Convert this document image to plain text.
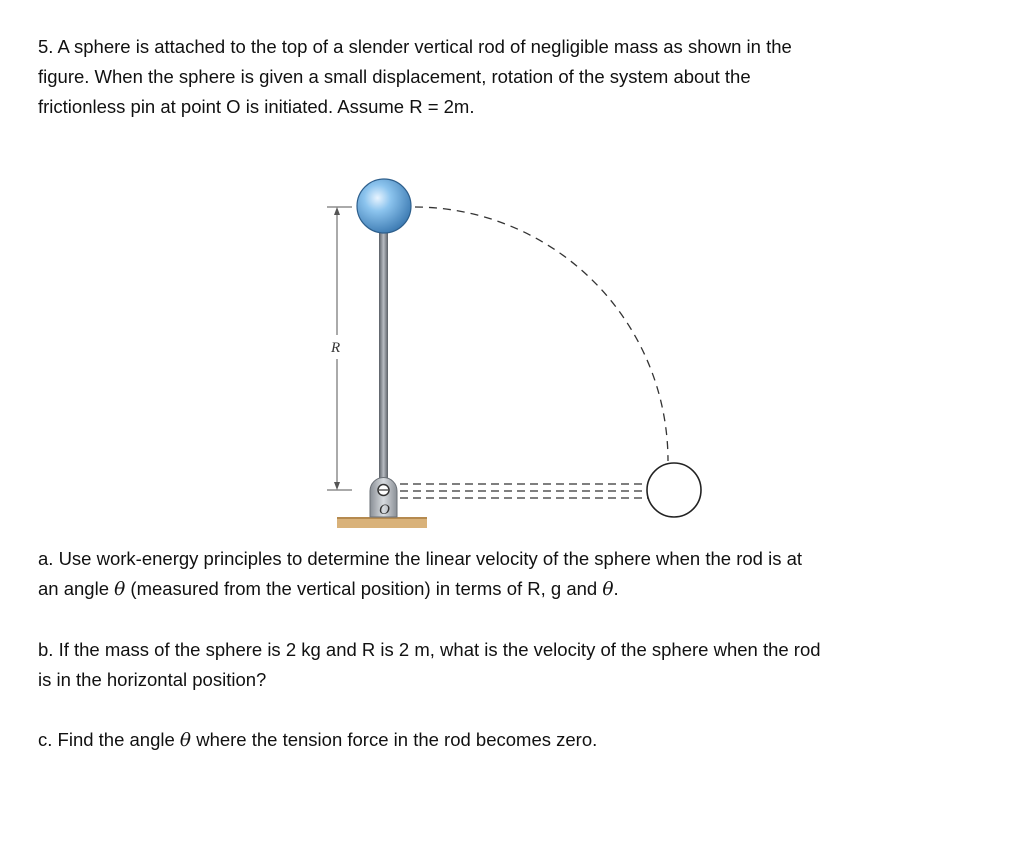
5. A sphere is attached to the top of a slender vertical rod of negligible mass as shown in the
figure. When the sphere is given a small displacement, rotation of the system about the
frictionless pin at point O is initiated. Assume R = 2m.
R
O
a. Use work-energy principles to determine the linear velocity of the sphere when the rod is at
an angle θ (measured from the vertical position) in terms of R, g and θ.
b. If the mass of the sphere is 2 kg and R is 2 m, what is the velocity of the sphere when the rod
is in the horizontal position?
c. Find the angle θ where the tension force in the rod becomes zero.
